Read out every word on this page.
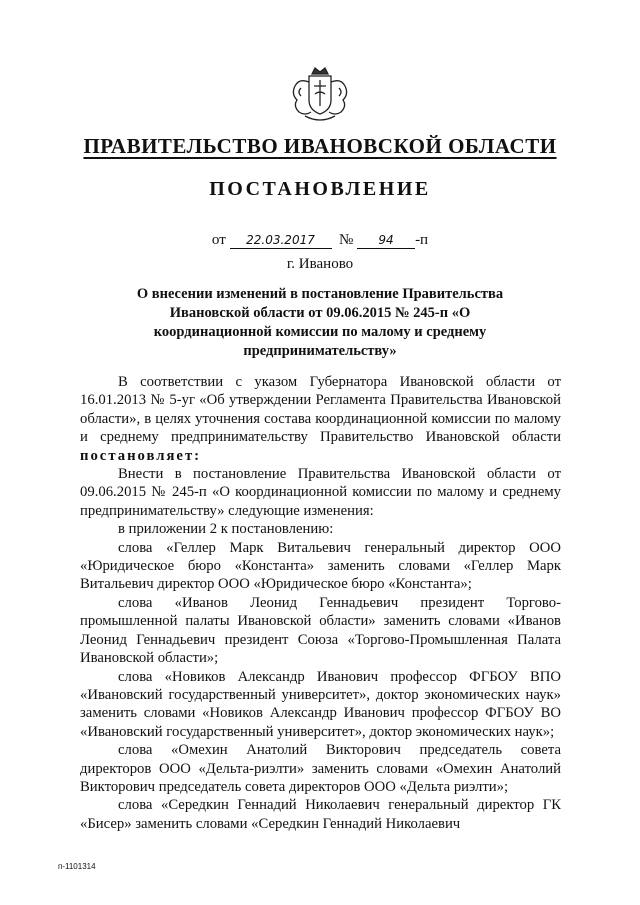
ПРАВИТЕЛЬСТВО ИВАНОВСКОЙ ОБЛАСТИ
ПОСТАНОВЛЕНИЕ
от 22.03.2017 № 94 -п
г. Иваново
О внесении изменений в постановление Правительства Ивановской области от 09.06.2015 № 245-п «О координационной комиссии по малому и среднему предпринимательству»

В соответствии с указом Губернатора Ивановской области от 16.01.2013 № 5-уг «Об утверждении Регламента Правительства Ивановской области», в целях уточнения состава координационной комиссии по малому и среднему предпринимательству Правительство Ивановской области постановляет:

Внести в постановление Правительства Ивановской области от 09.06.2015 № 245-п «О координационной комиссии по малому и среднему предпринимательству» следующие изменения:

в приложении 2 к постановлению:

слова «Геллер Марк Витальевич генеральный директор ООО «Юридическое бюро «Константа» заменить словами «Геллер Марк Витальевич директор ООО «Юридическое бюро «Константа»;

слова «Иванов Леонид Геннадьевич президент Торгово-промышленной палаты Ивановской области» заменить словами «Иванов Леонид Геннадьевич президент Союза «Торгово-Промышленная Палата Ивановской области»;

слова «Новиков Александр Иванович профессор ФГБОУ ВПО «Ивановский государственный университет», доктор экономических наук» заменить словами «Новиков Александр Иванович профессор ФГБОУ ВО «Ивановский государственный университет», доктор экономических наук»;

слова «Омехин Анатолий Викторович председатель совета директоров ООО «Дельта-риэлти» заменить словами «Омехин Анатолий Викторович председатель совета директоров ООО «Дельта риэлти»;

слова «Середкин Геннадий Николаевич генеральный директор ГК «Бисер» заменить словами «Середкин Геннадий Николаевич

п-1101314
